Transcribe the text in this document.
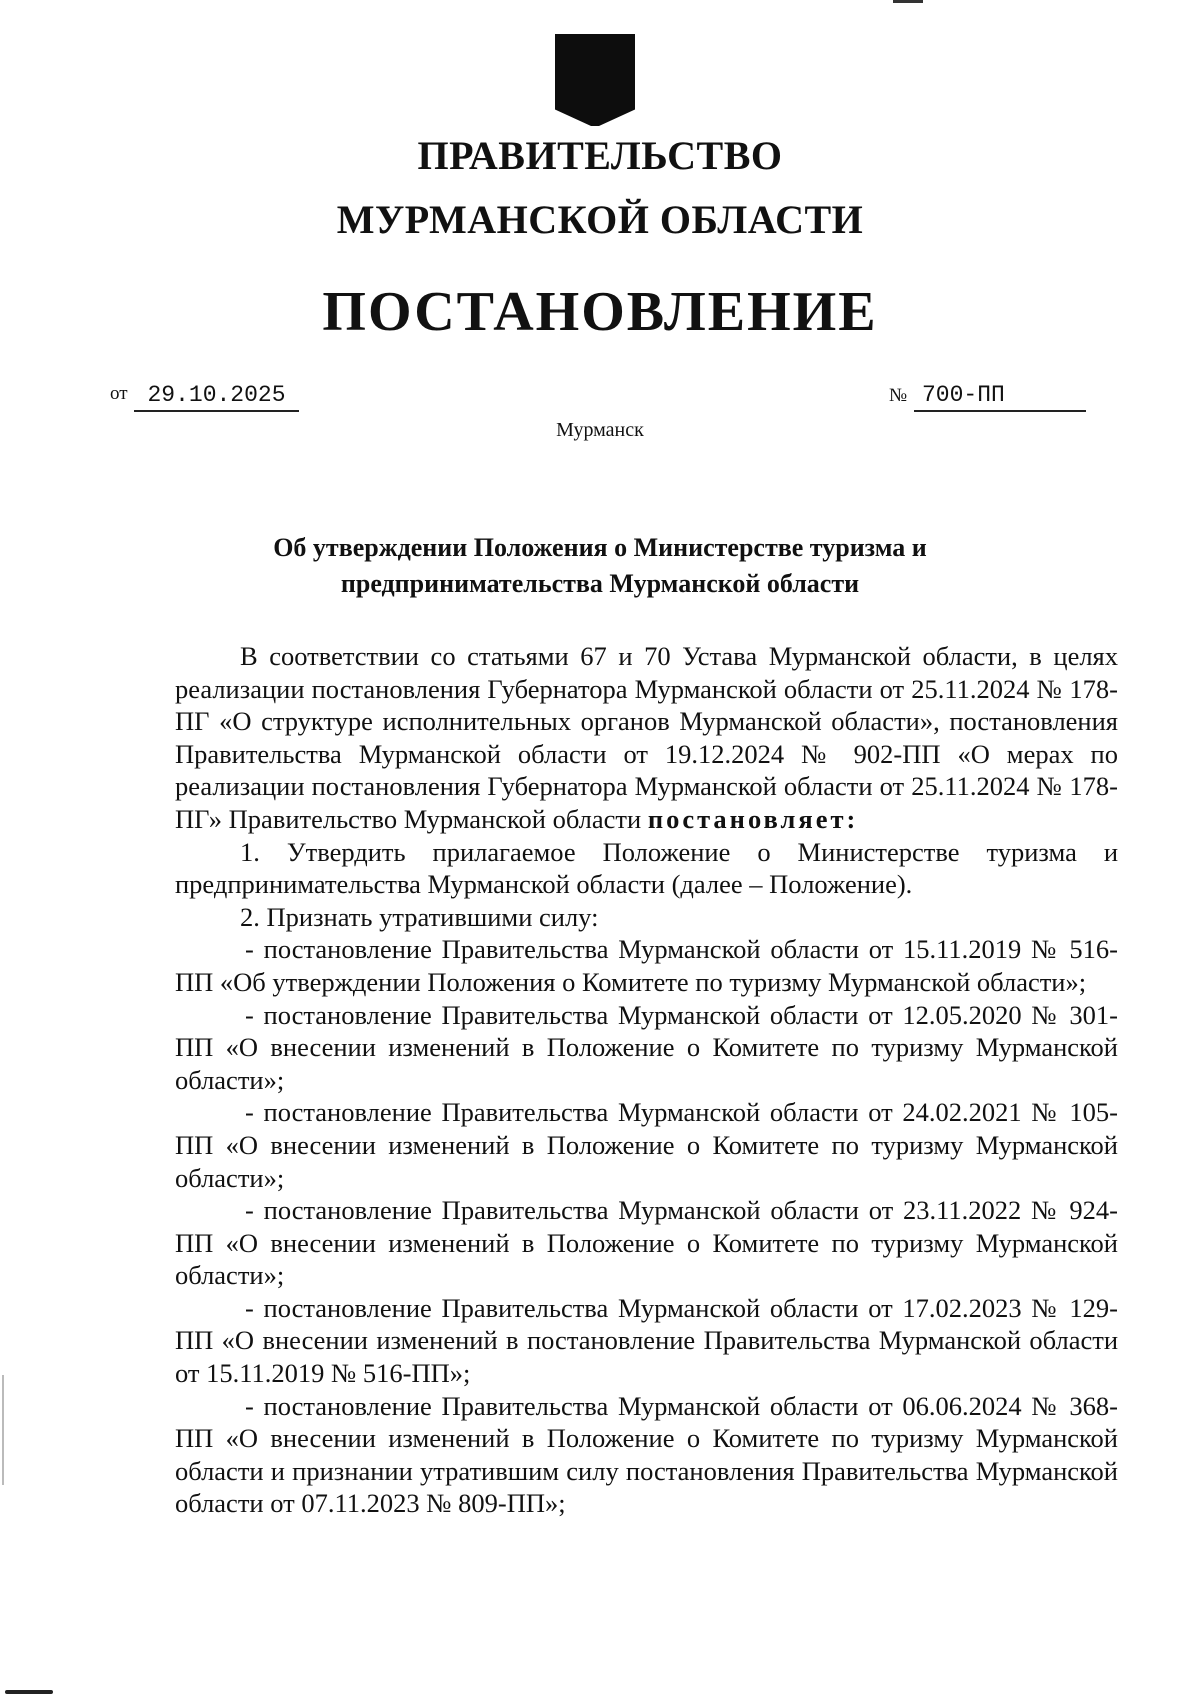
ПРАВИТЕЛЬСТВО
МУРМАНСКОЙ ОБЛАСТИ
ПОСТАНОВЛЕНИЕ
от 29.10.2025	№ 700-ПП
Мурманск
Об утверждении Положения о Министерстве туризма и
предпринимательства Мурманской области

В соответствии со статьями 67 и 70 Устава Мурманской области, в целях реализации постановления Губернатора Мурманской области от 25.11.2024 № 178-ПГ «О структуре исполнительных органов Мурманской области», постановления Правительства Мурманской области от 19.12.2024 № 902-ПП «О мерах по реализации постановления Губернатора Мурманской области от 25.11.2024 № 178-ПГ» Правительство Мурманской области постановляет:

1. Утвердить прилагаемое Положение о Министерстве туризма и предпринимательства Мурманской области (далее – Положение).

2. Признать утратившими силу:

- постановление Правительства Мурманской области от 15.11.2019 № 516-ПП «Об утверждении Положения о Комитете по туризму Мурманской области»;

- постановление Правительства Мурманской области от 12.05.2020 № 301-ПП «О внесении изменений в Положение о Комитете по туризму Мурманской области»;

- постановление Правительства Мурманской области от 24.02.2021 № 105-ПП «О внесении изменений в Положение о Комитете по туризму Мурманской области»;

- постановление Правительства Мурманской области от 23.11.2022 № 924-ПП «О внесении изменений в Положение о Комитете по туризму Мурманской области»;

- постановление Правительства Мурманской области от 17.02.2023 № 129-ПП «О внесении изменений в постановление Правительства Мурманской области от 15.11.2019 № 516-ПП»;

- постановление Правительства Мурманской области от 06.06.2024 № 368-ПП «О внесении изменений в Положение о Комитете по туризму Мурманской области и признании утратившим силу постановления Правительства Мурманской области от 07.11.2023 № 809-ПП»;
